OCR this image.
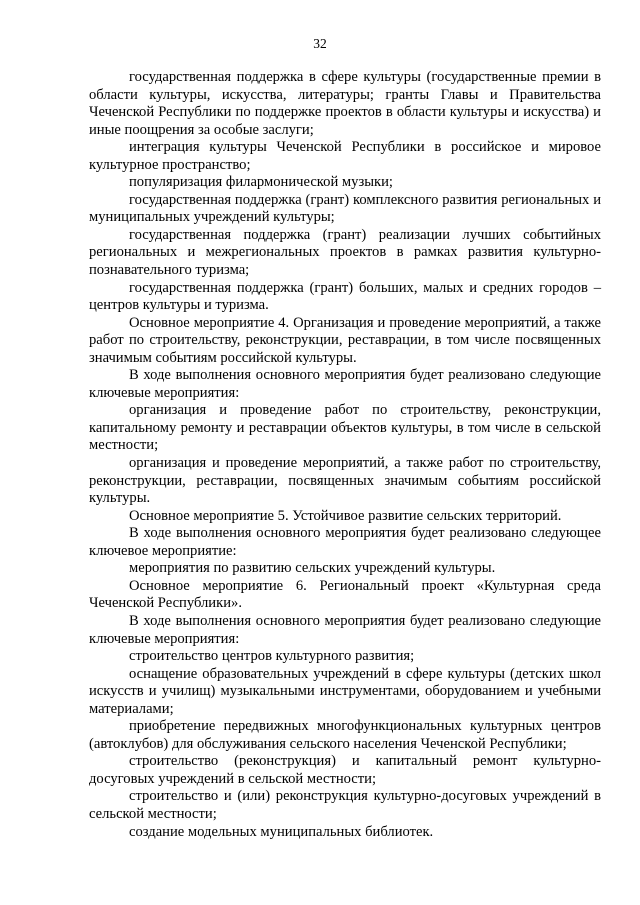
32

государственная поддержка в сфере культуры (государственные премии в области культуры, искусства, литературы; гранты Главы и Правительства Чеченской Республики по поддержке проектов в области культуры и искусства) и иные поощрения за особые заслуги;

интеграция культуры Чеченской Республики в российское и мировое культурное пространство;

популяризация филармонической музыки;

государственная поддержка (грант) комплексного развития региональных и муниципальных учреждений культуры;

государственная поддержка (грант) реализации лучших событийных региональных и межрегиональных проектов в рамках развития культурно-познавательного туризма;

государственная поддержка (грант) больших, малых и средних городов – центров культуры и туризма.

Основное мероприятие 4. Организация и проведение мероприятий, а также работ по строительству, реконструкции, реставрации, в том числе посвященных значимым событиям российской культуры.

В ходе выполнения основного мероприятия будет реализовано следующие ключевые мероприятия:

организация и проведение работ по строительству, реконструкции, капитальному ремонту и реставрации объектов культуры, в том числе в сельской местности;

организация и проведение мероприятий, а также работ по строительству, реконструкции, реставрации, посвященных значимым событиям российской культуры.

Основное мероприятие 5. Устойчивое развитие сельских территорий.

В ходе выполнения основного мероприятия будет реализовано следующее ключевое мероприятие:

мероприятия по развитию сельских учреждений культуры.

Основное мероприятие 6. Региональный проект «Культурная среда Чеченской Республики».

В ходе выполнения основного мероприятия будет реализовано следующие ключевые мероприятия:

строительство центров культурного развития;

оснащение образовательных учреждений в сфере культуры (детских школ искусств и училищ) музыкальными инструментами, оборудованием и учебными материалами;

приобретение передвижных многофункциональных культурных центров (автоклубов) для обслуживания сельского населения Чеченской Республики;

строительство (реконструкция) и капитальный ремонт культурно-досуговых учреждений в сельской местности;

строительство и (или) реконструкция культурно-досуговых учреждений в сельской местности;

создание модельных муниципальных библиотек.
